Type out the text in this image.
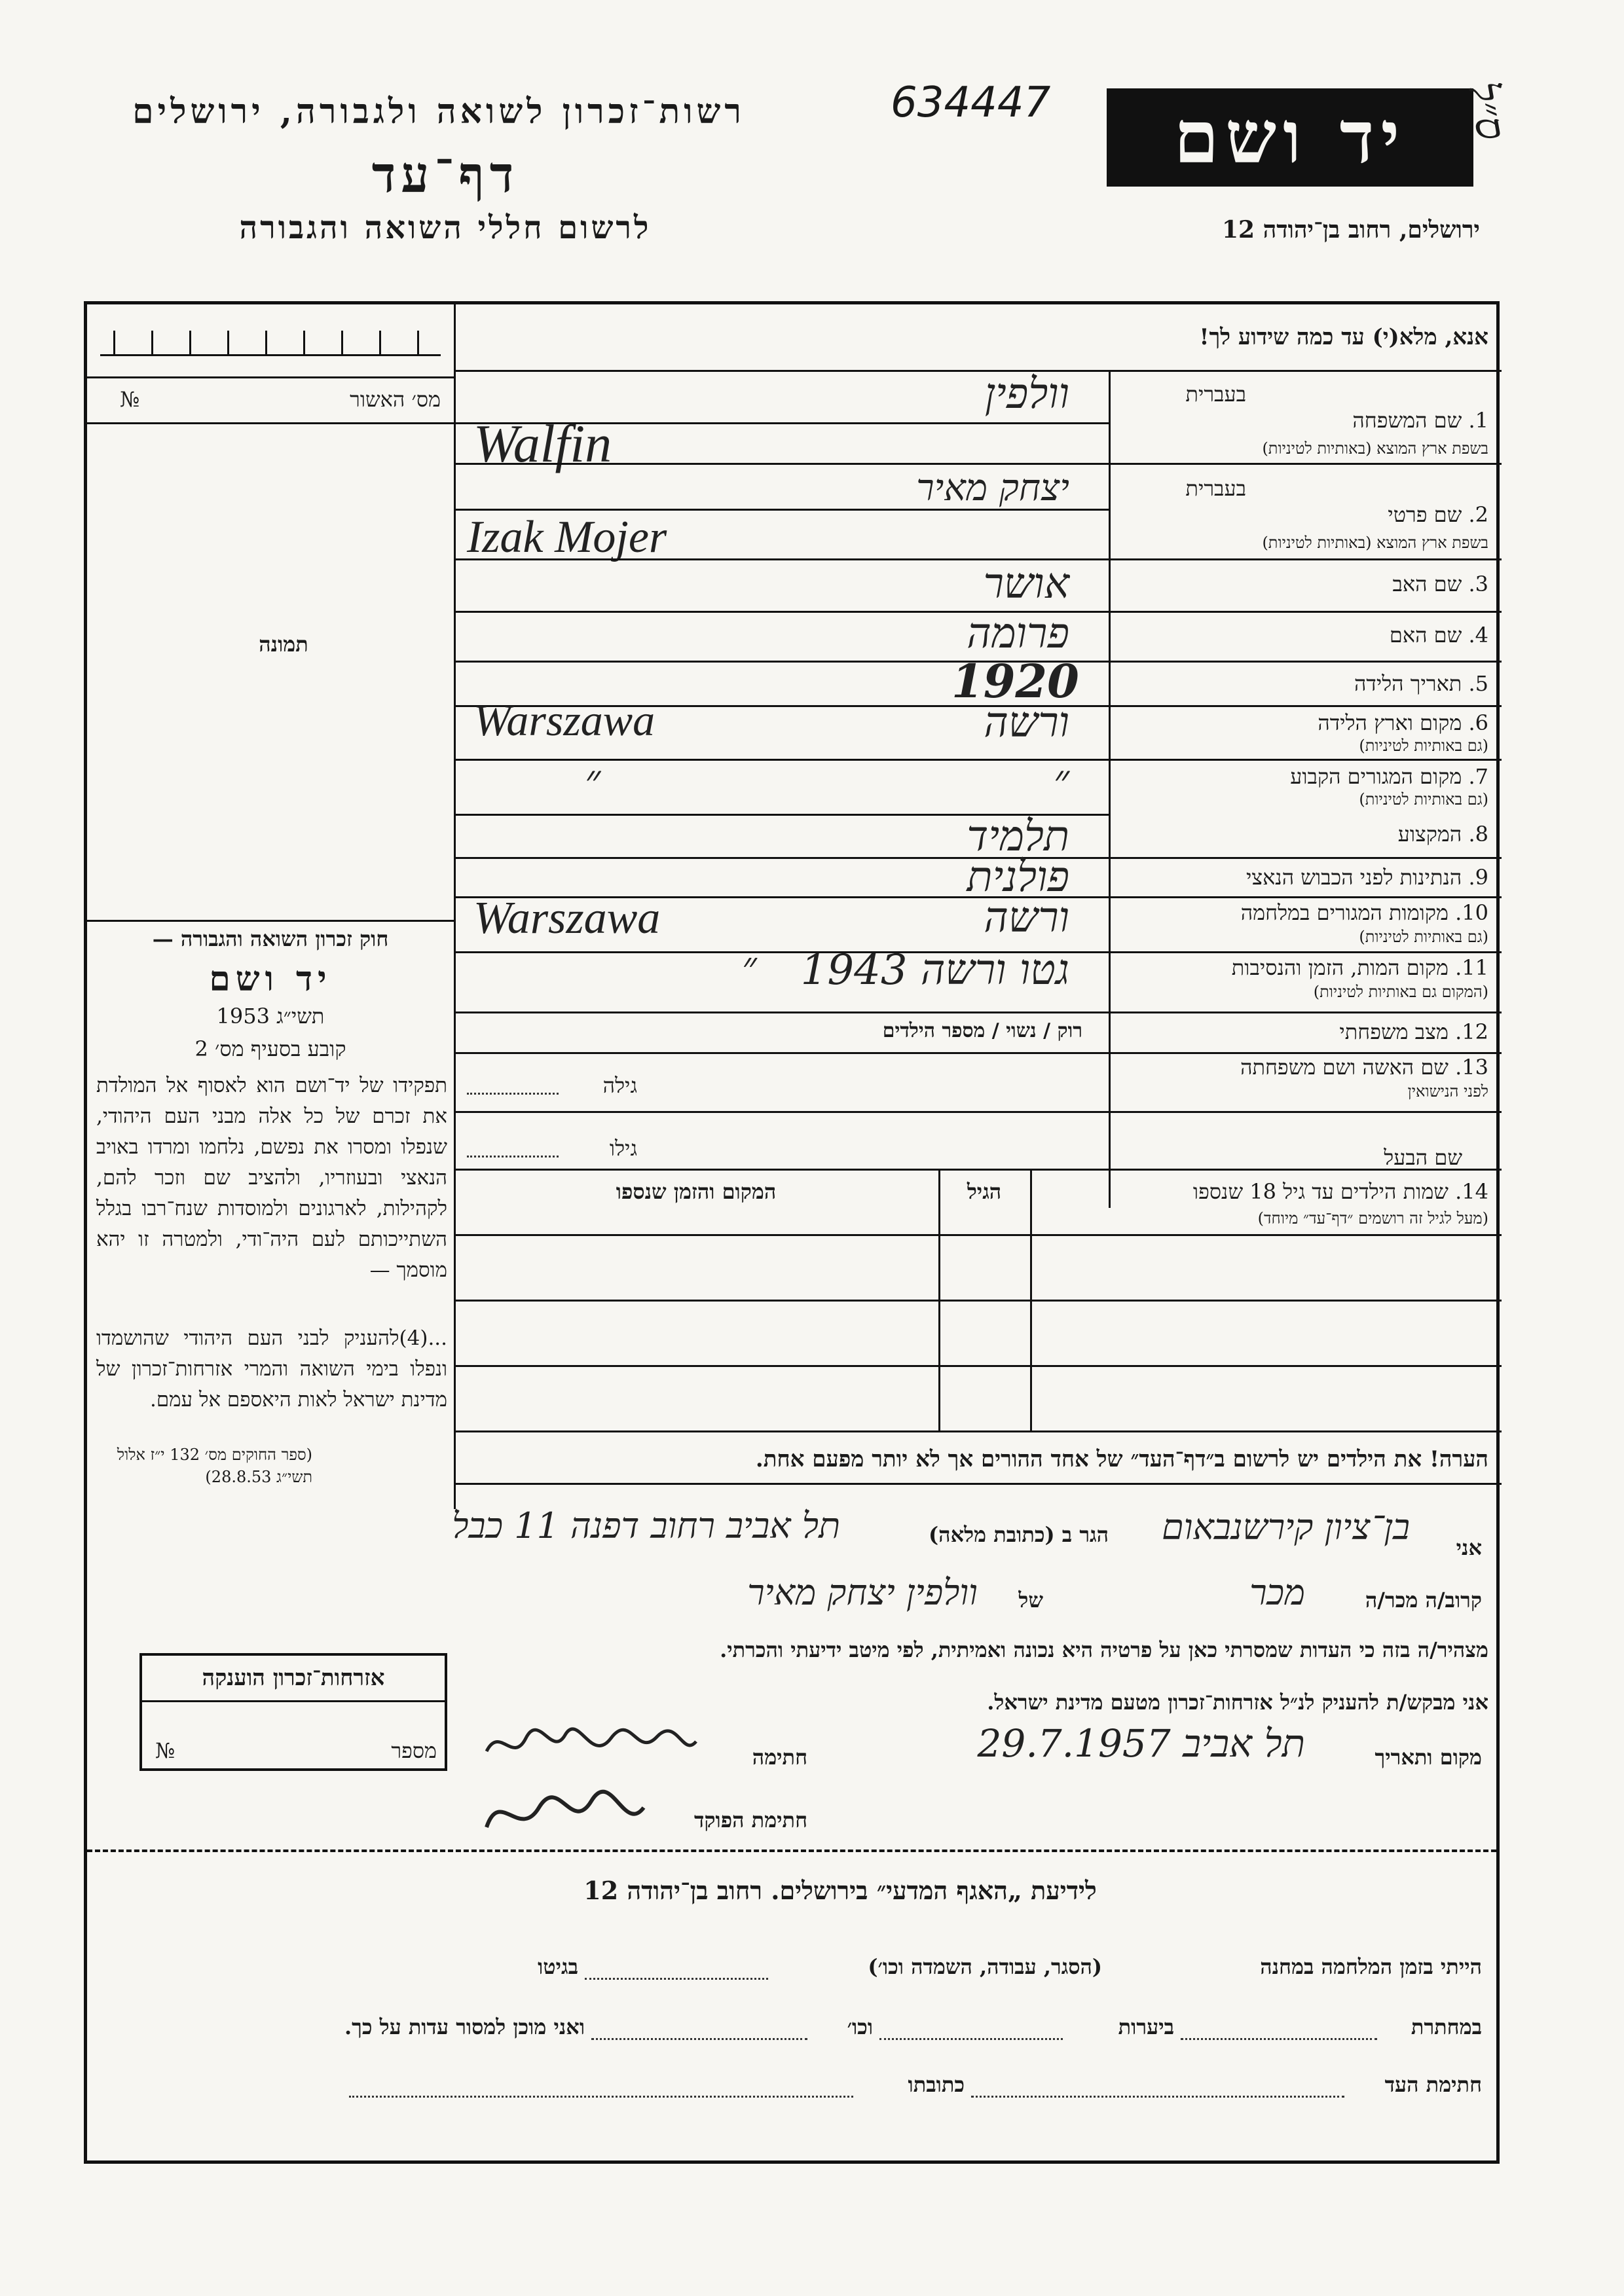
רשות־זכרון לשואה ולגבורה, ירושלים
דף־עד
לרשום חללי השואה והגבורה
634447	יד ושם
ירושלים, רחוב בן־יהודה 12
ס״ל
מס׳ האשור
№
תמונה
חוק זכרון השואה והגבורה —
יד ושם
תשי״ג 1953
קובע בסעיף מס׳ 2
תפקידו של יד־ושם הוא לאסוף אל המולדת את זכרם של כל אלה מבני העם היהודי, שנפלו ומסרו את נפשם, נלחמו ומרדו באויב הנאצי ובעוזריו, ולהציב שם וזכר להם, לקהילות, לארגונים ולמוסדות שנח־רבו בגלל השתייכותם לעם היה־ודי, ולמטרה זו יהא מוסמך —
...(4)להעניק לבני העם היהודי שהושמדו ונפלו בימי השואה והמרי אזרחות־זכרון של מדינת ישראל לאות היאספם אל עמם.
(ספר החוקים מס׳ 132 י״ז אלול תשי״ג 28.8.53)
אנא, מלא(י) עד כמה שידוע לך!
בעברית
1. שם המשפחה
בשפת ארץ המוצא (באותיות לטיניות)
וולפין
Walfin
בעברית
2. שם פרטי
בשפת ארץ המוצא (באותיות לטיניות)
יצחק מאיר
Izak Mojer
3. שם האב
אושר
4. שם האם
פרומה
5. תאריך הלידה
1920
6. מקום וארץ הלידה
(גם באותיות לטיניות)
ורשה
Warszawa
7. מקום המגורים הקבוע
(גם באותיות לטיניות)
״
״
8. המקצוע
תלמיד
9. הנתינות לפני הכבוש הנאצי
פולנית
10. מקומות המגורים במלחמה
(גם באותיות לטיניות)
ורשה
Warszawa
11. מקום המות, הזמן והנסיבות
(המקום גם באותיות לטיניות)
גטו ורשה 1943
״
12. מצב משפחתי
רוק / נשוי / מספר הילדים
13. שם האשה ושם משפחתה
לפני הנישואין
גילה
שם הבעל
גילו
14. שמות הילדים עד גיל 18 שנספו
(מעל לגיל זה רושמים ״דף־עד״ מיוחד)
הגיל
המקום והזמן שנספו
הערה! את הילדים יש לרשום ב״דף־העד״ של אחד ההורים אך לא יותר מפעם אחת.
אני
בן־ציון קירשנבאום
הגר ב (כתובת מלאה)
תל אביב רחוב דפנה 11 כבל
קרוב/ה מכר/ה
מכר
של
וולפין יצחק מאיר
מצהיר/ה בזה כי העדות שמסרתי כאן על פרטיה היא נכונה ואמיתית, לפי מיטב ידיעתי והכרתי.
אזרחות־זכרון הוענקה
מספר
№
אני מבקש/ת להעניק לנ״ל אזרחות־זכרון מטעם מדינת ישראל.
מקום ותאריך
תל אביב 29.7.1957
חתימה
חתימת הפוקד
לידיעת „האגף המדעי״ בירושלים. רחוב בן־יהודה 12
הייתי בזמן המלחמה במחנה
(הסגר, עבודה, השמדה וכו׳)
בגיטו
במחתרת
ביערות
וכו׳
ואני מוכן למסור עדות על כך.
חתימת העד
כתובתו
